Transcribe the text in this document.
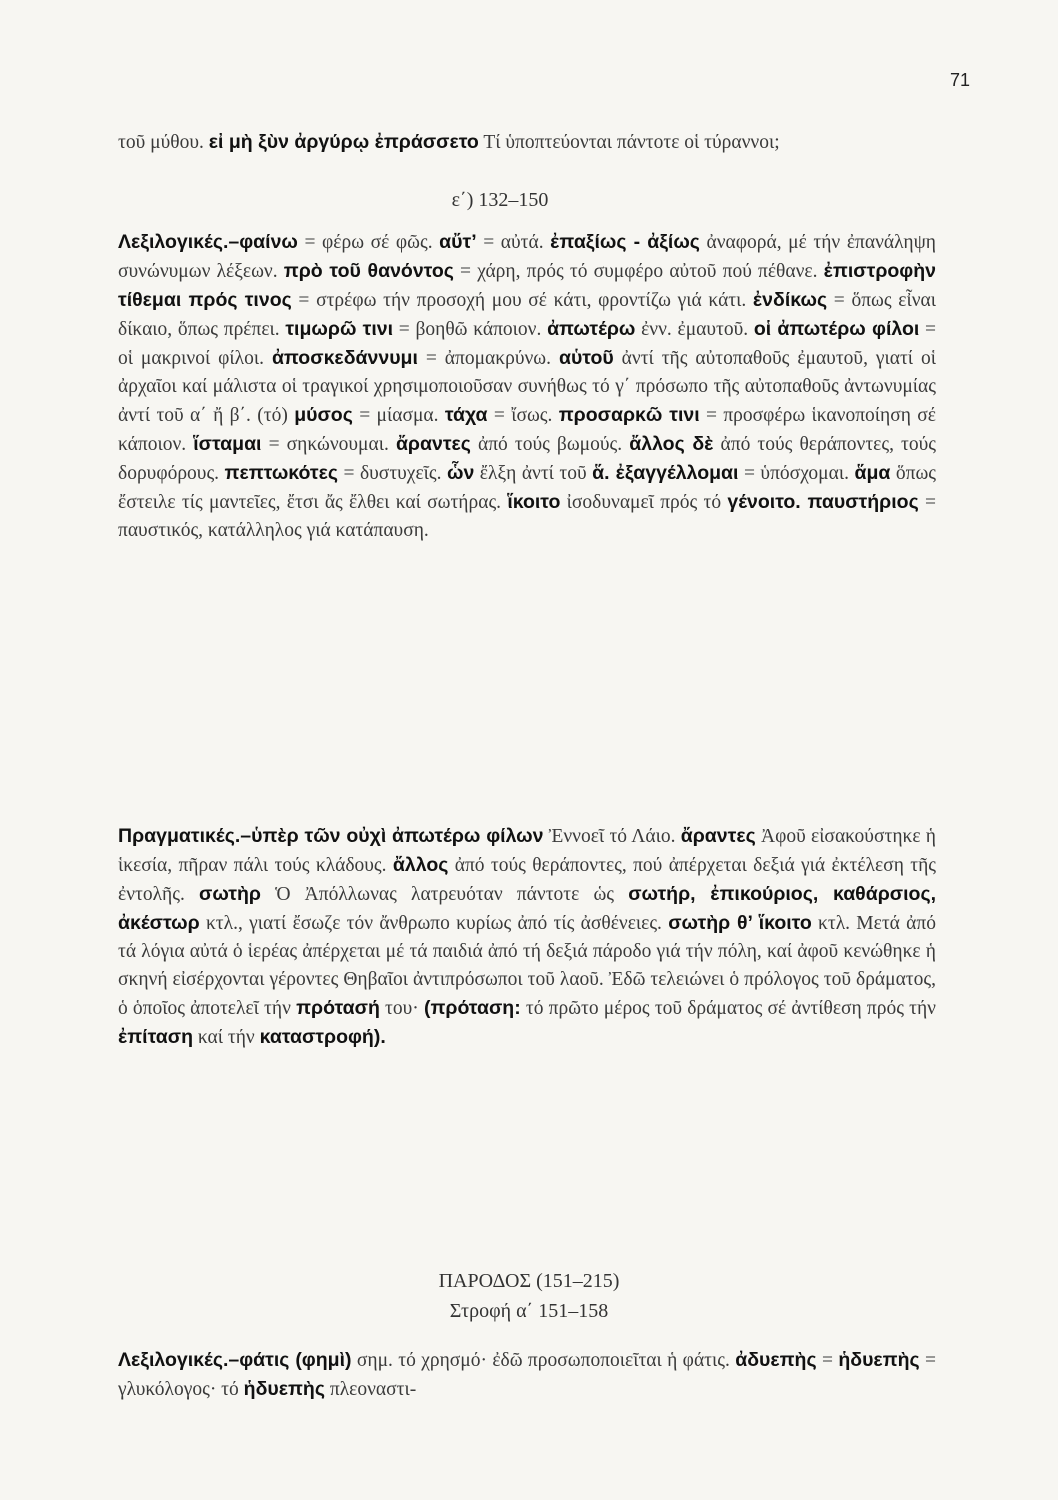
71

τοῦ μύθου. εἰ μὴ ξὺν ἀργύρῳ ἐπράσσετο Τί ὑποπτεύονται πάντοτε οἱ τύραννοι;

ε΄) 132–150

Λεξιλογικές.–φαίνω = φέρω σέ φῶς. αὔτ’ = αὐτά. ἐπαξίως - ἀξίως ἀναφορά, μέ τήν ἐπανάληψη συνώνυμων λέξεων. πρὸ τοῦ θανόντος = χάρη, πρός τό συμφέρο αὐτοῦ πού πέθανε. ἐπιστροφὴν τίθεμαι πρός τινος = στρέφω τήν προσοχή μου σέ κάτι, φροντίζω γιά κάτι. ἐνδίκως = ὅπως εἶναι δίκαιο, ὅπως πρέπει. τιμωρῶ τινι = βοηθῶ κάποιον. ἀπωτέρω ἐνν. ἐμαυτοῦ. οἱ ἀπωτέρω φίλοι = οἱ μακρινοί φίλοι. ἀποσκεδάννυμι = ἀπομακρύνω. αὑτοῦ ἀντί τῆς αὐτοπαθοῦς ἐμαυτοῦ, γιατί οἱ ἀρχαῖοι καί μάλιστα οἱ τραγικοί χρησιμοποιοῦσαν συνήθως τό γ΄ πρόσωπο τῆς αὐτοπαθοῦς ἀντωνυμίας ἀντί τοῦ α΄ ἤ β΄. (τό) μύσος = μίασμα. τάχα = ἴσως. προσαρκῶ τινι = προσφέρω ἱκανοποίηση σέ κάποιον. ἵσταμαι = σηκώνουμαι. ἄραντες ἀπό τούς βωμούς. ἄλλος δὲ ἀπό τούς θεράποντες, τούς δορυφόρους. πεπτωκότες = δυστυχεῖς. ὧν ἔλξη ἀντί τοῦ ἅ. ἐξαγγέλλομαι = ὑπόσχομαι. ἅμα ὅπως ἔστειλε τίς μαντεῖες, ἔτσι ἄς ἔλθει καί σωτήρας. ἵκοιτο ἰσοδυναμεῖ πρός τό γένοιτο. παυστήριος = παυστικός, κατάλληλος γιά κατάπαυση.

Πραγματικές.–ὑπὲρ τῶν οὐχὶ ἀπωτέρω φίλων Ἐννοεῖ τό Λάιο. ἄραντες Ἀφοῦ εἰσακούστηκε ἡ ἱκεσία, πῆραν πάλι τούς κλάδους. ἄλλος ἀπό τούς θεράποντες, πού ἀπέρχεται δεξιά γιά ἐκτέλεση τῆς ἐντολῆς. σωτὴρ Ὁ Ἀπόλλωνας λατρευόταν πάντοτε ὡς σωτήρ, ἐπικούριος, καθάρσιος, ἀκέστωρ κτλ., γιατί ἔσωζε τόν ἄνθρωπο κυρίως ἀπό τίς ἀσθένειες. σωτὴρ θ’ ἵκοιτο κτλ. Μετά ἀπό τά λόγια αὐτά ὁ ἱερέας ἀπέρχεται μέ τά παιδιά ἀπό τή δεξιά πάροδο γιά τήν πόλη, καί ἀφοῦ κενώθηκε ἡ σκηνή εἰσέρχονται γέροντες Θηβαῖοι ἀντιπρόσωποι τοῦ λαοῦ. Ἐδῶ τελειώνει ὁ πρόλογος τοῦ δράματος, ὁ ὁποῖος ἀποτελεῖ τήν πρότασή του· (πρόταση: τό πρῶτο μέρος τοῦ δράματος σέ ἀντίθεση πρός τήν ἐπίταση καί τήν καταστροφή).

ΠΑΡΟΔΟΣ (151–215)
Στροφή α΄ 151–158

Λεξιλογικές.–φάτις (φημὶ) σημ. τό χρησμό· ἐδῶ προσωποποιεῖται ἡ φάτις. ἀδυεπὴς = ἡδυεπὴς = γλυκόλογος· τό ἡδυεπὴς πλεοναστι-
